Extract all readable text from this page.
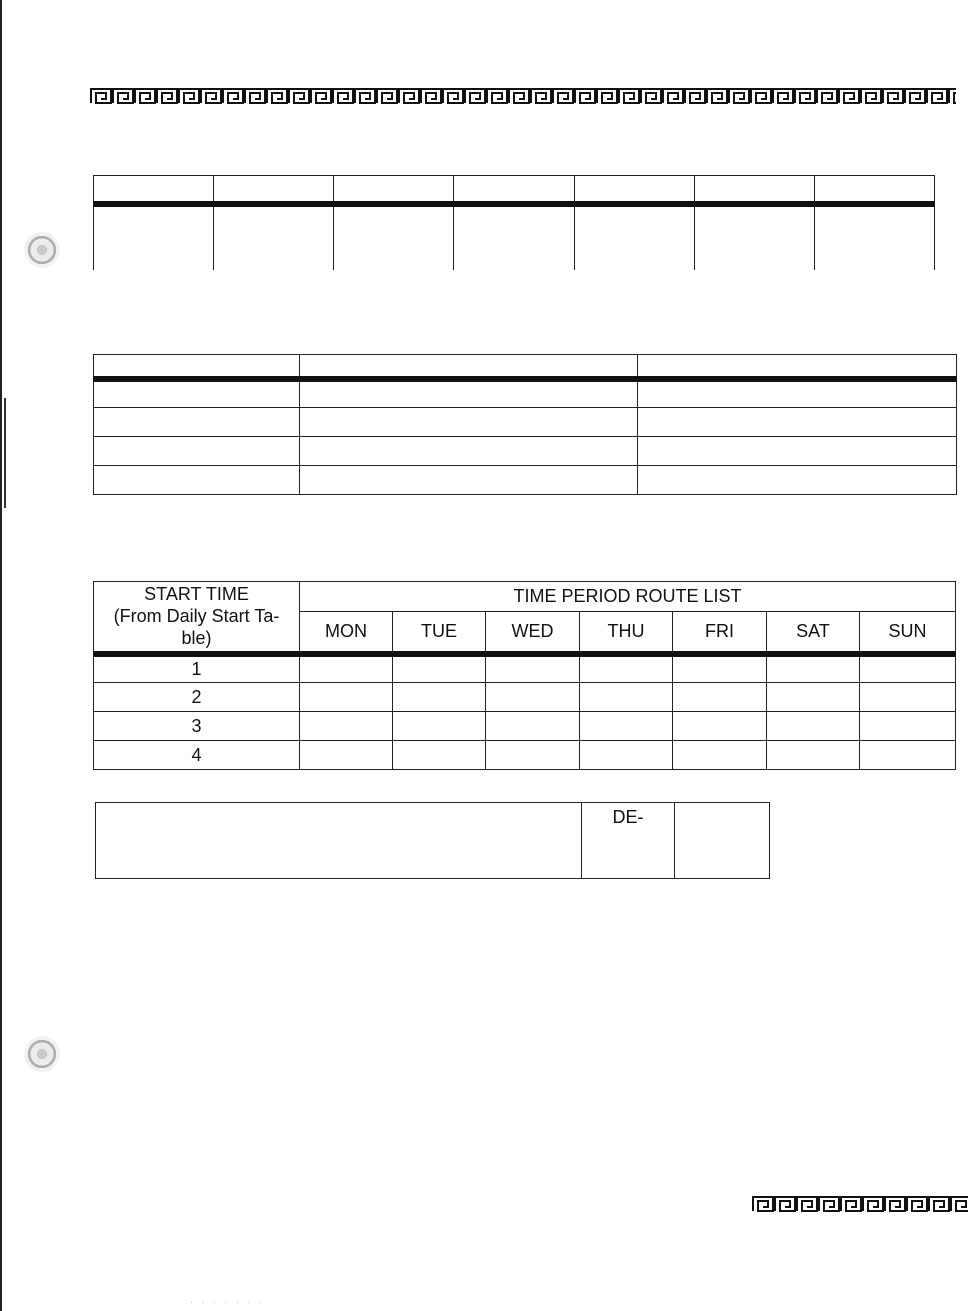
START TIME
(From Daily Start Ta-
ble)	TIME PERIOD ROUTE LIST						
	MON	TUE	WED	THU	FRI	SAT	SUN
1							
2							
3							
4							
	DE-	
. . . . . . .
